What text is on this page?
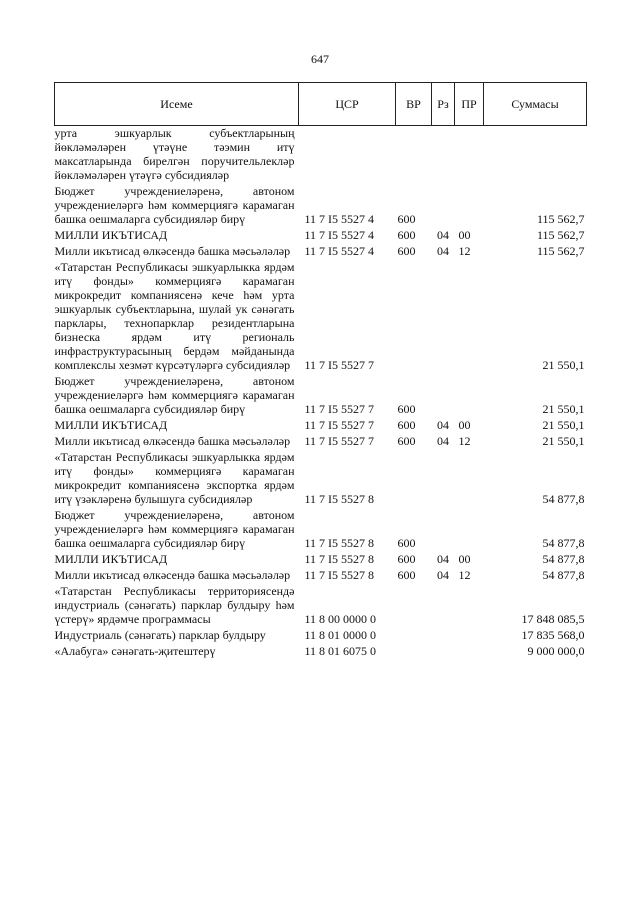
647
Исеме	ЦСР	ВР	Рз	ПР	Суммасы
урта эшкуарлык субъектларының йөкләмәләрен үтәүне тәэмин итү максатларында бирелгән поручительлекләр йөкләмәләрен үтәүгә субсидияләр					
Бюджет учреждениеләренә, автоном учреждениеләргә һәм коммерциягә карамаган башка оешмаларга субсидияләр бирү	11 7 I5 5527 4	600			115 562,7
МИЛЛИ ИКЪТИСАД	11 7 I5 5527 4	600	04	00	115 562,7
Милли икътисад өлкәсендә башка мәсьәләләр	11 7 I5 5527 4	600	04	12	115 562,7
«Татарстан Республикасы эшкуарлыкка ярдәм итү фонды» коммерциягә карамаган микрокредит компаниясенә кече һәм урта эшкуарлык субъектларына, шулай ук сәнәгать парклары, технопарклар резидентларына бизнеска ярдәм итү региональ инфраструктурасының бердәм мәйданында комплекслы хезмәт күрсәтүләргә субсидияләр	11 7 I5 5527 7				21 550,1
Бюджет учреждениеләренә, автоном учреждениеләргә һәм коммерциягә карамаган башка оешмаларга субсидияләр бирү	11 7 I5 5527 7	600			21 550,1
МИЛЛИ ИКЪТИСАД	11 7 I5 5527 7	600	04	00	21 550,1
Милли икътисад өлкәсендә башка мәсьәләләр	11 7 I5 5527 7	600	04	12	21 550,1
«Татарстан Республикасы эшкуарлыкка ярдәм итү фонды» коммерциягә карамаган микрокредит компаниясенә экспортка ярдәм итү үзәкләренә булышуга субсидияләр	11 7 I5 5527 8				54 877,8
Бюджет учреждениеләренә, автоном учреждениеләргә һәм коммерциягә карамаган башка оешмаларга субсидияләр бирү	11 7 I5 5527 8	600			54 877,8
МИЛЛИ ИКЪТИСАД	11 7 I5 5527 8	600	04	00	54 877,8
Милли икътисад өлкәсендә башка мәсьәләләр	11 7 I5 5527 8	600	04	12	54 877,8
«Татарстан Республикасы территориясендә индустриаль (сәнәгать) парклар булдыру һәм үстерү» ярдәмче программасы	11 8 00 0000 0				17 848 085,5
Индустриаль (сәнәгать) парклар булдыру	11 8 01 0000 0				17 835 568,0
«Алабуга» сәнәгать-җитештерү	11 8 01 6075 0				9 000 000,0
